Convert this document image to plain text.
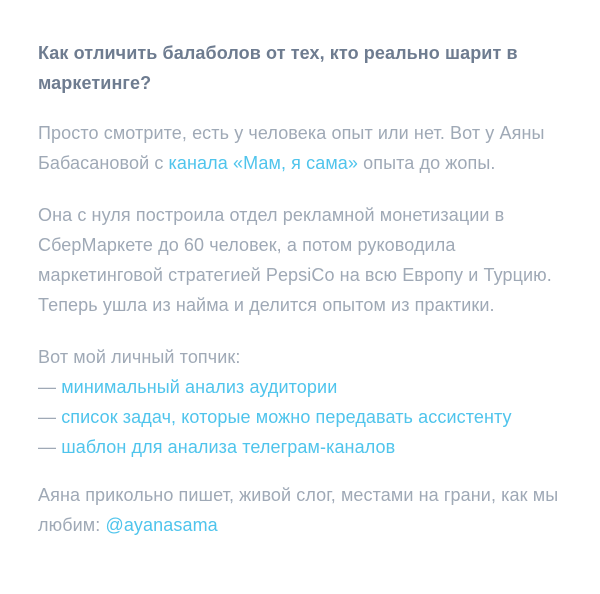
Как отличить балаболов от тех, кто реально шарит в маркетинге?

Просто смотрите, есть у человека опыт или нет. Вот у Аяны Бабасановой с канала «Мам, я сама» опыта до жопы.

Она с нуля построила отдел рекламной монетизации в СберМаркете до 60 человек, а потом руководила маркетинговой стратегией PepsiCo на всю Европу и Турцию. Теперь ушла из найма и делится опытом из практики.

Вот мой личный топчик:
— минимальный анализ аудитории
— список задач, которые можно передавать ассистенту
— шаблон для анализа телеграм-каналов

Аяна прикольно пишет, живой слог, местами на грани, как мы любим: @ayanasama
